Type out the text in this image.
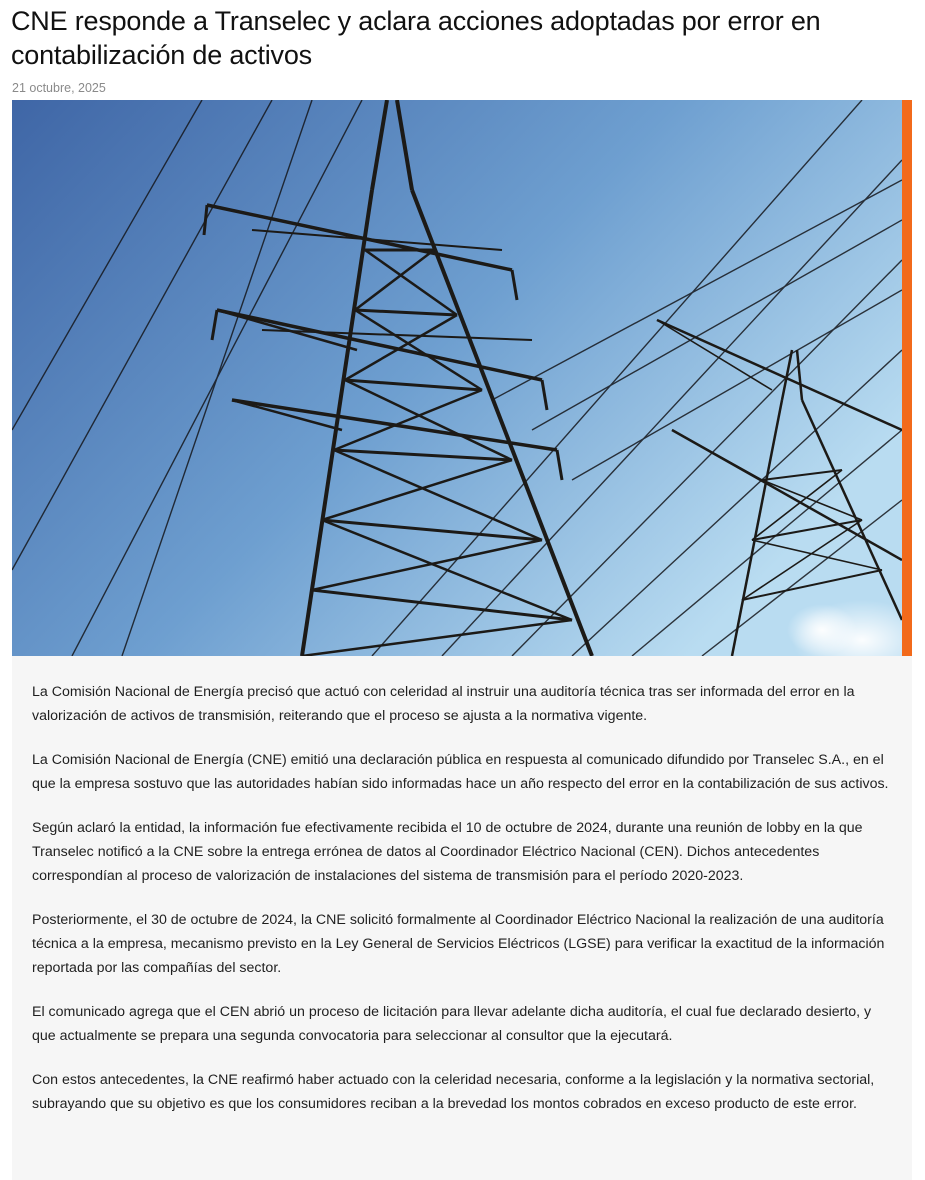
CNE responde a Transelec y aclara acciones adoptadas por error en contabilización de activos
21 octubre, 2025

La Comisión Nacional de Energía precisó que actuó con celeridad al instruir una auditoría técnica tras ser informada del error en la valorización de activos de transmisión, reiterando que el proceso se ajusta a la normativa vigente.

La Comisión Nacional de Energía (CNE) emitió una declaración pública en respuesta al comunicado difundido por Transelec S.A., en el que la empresa sostuvo que las autoridades habían sido informadas hace un año respecto del error en la contabilización de sus activos.

Según aclaró la entidad, la información fue efectivamente recibida el 10 de octubre de 2024, durante una reunión de lobby en la que Transelec notificó a la CNE sobre la entrega errónea de datos al Coordinador Eléctrico Nacional (CEN). Dichos antecedentes correspondían al proceso de valorización de instalaciones del sistema de transmisión para el período 2020-2023.

Posteriormente, el 30 de octubre de 2024, la CNE solicitó formalmente al Coordinador Eléctrico Nacional la realización de una auditoría técnica a la empresa, mecanismo previsto en la Ley General de Servicios Eléctricos (LGSE) para verificar la exactitud de la información reportada por las compañías del sector.

El comunicado agrega que el CEN abrió un proceso de licitación para llevar adelante dicha auditoría, el cual fue declarado desierto, y que actualmente se prepara una segunda convocatoria para seleccionar al consultor que la ejecutará.

Con estos antecedentes, la CNE reafirmó haber actuado con la celeridad necesaria, conforme a la legislación y la normativa sectorial, subrayando que su objetivo es que los consumidores reciban a la brevedad los montos cobrados en exceso producto de este error.
